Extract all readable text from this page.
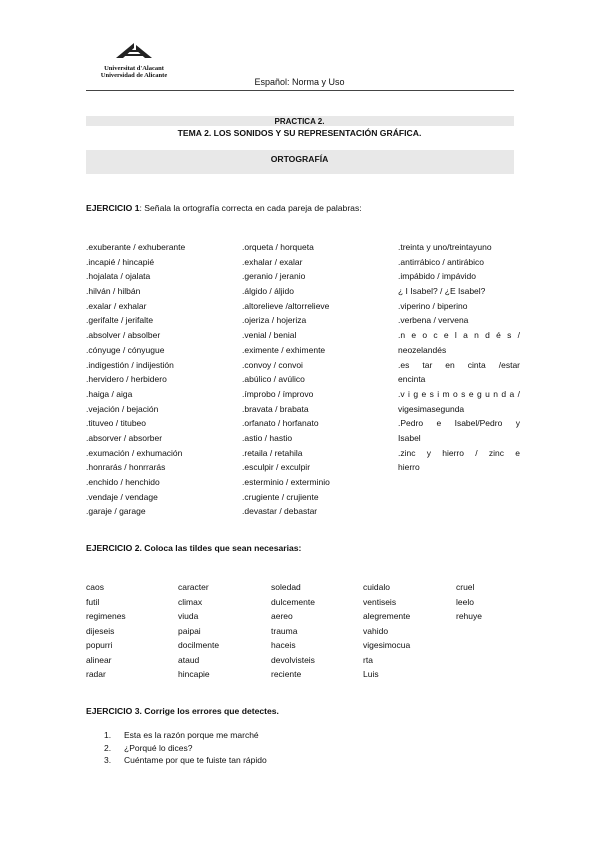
Universitat d'Alacant
Universidad de Alicante
Español: Norma y Uso
PRACTICA 2.
TEMA 2. LOS SONIDOS Y SU REPRESENTACIÓN GRÁFICA.
ORTOGRAFÍA
EJERCICIO 1: Señala la ortografía correcta en cada pareja de palabras:
.exuberante / exhuberante
.incapié / hincapié
.hojalata / ojalata
.hilván / hilbán
.exalar / exhalar
.gerifalte / jerifalte
.absolver / absolber
.cónyuge / cónyugue
.indigestión / indijestión
.hervidero / herbidero
.haiga / aiga
.vejación / bejación
.tituveo / titubeo
.absorver / absorber
.exumación / exhumación
.honrarás / honrrarás
.enchido / henchido
.vendaje / vendage
.garaje / garage
.orqueta / horqueta
.exhalar / exalar
.geranio / jeranio
.álgido / áljido
.altorelieve /altorrelieve
.ojeriza / hojeriza
.venial / benial
.eximente / exhimente
.convoy / convoi
.abúlico / avúlico
.ímprobo / ímprovo
.bravata / brabata
.orfanato / horfanato
.astio / hastio
.retaila / retahila
.esculpir / exculpir
.esterminio / exterminio
.crugiente / crujiente
.devastar / debastar
.treinta y uno/treintayuno
.antirrábico / antirábico
.impábido / impávido
¿ I Isabel? / ¿E Isabel?
.viperino / biperino
.verbena / vervena
.n e o c e l a n d é s /
neozelandés
.es tar en cinta /estar
encinta
.v i g e s i m o s e g u n d a /
vigesimasegunda
.Pedro e Isabel/Pedro y
Isabel
.zinc y hierro / zinc e
hierro
EJERCICIO 2. Coloca las tildes que sean necesarias:
caos
futil
regimenes
dijeseis
popurri
alinear
radar
caracter
climax
viuda
paipai
docilmente
ataud
hincapie
soledad
dulcemente
aereo
trauma
haceis
devolvisteis
reciente
cuidalo
ventiseis
alegremente
vahido
vigesimocua
rta
Luis
cruel
leelo
rehuye
EJERCICIO 3. Corrige los errores que detectes.
1. Esta es la razón porque me marché
2. ¿Porqué lo dices?
3. Cuéntame por que te fuiste tan rápido
